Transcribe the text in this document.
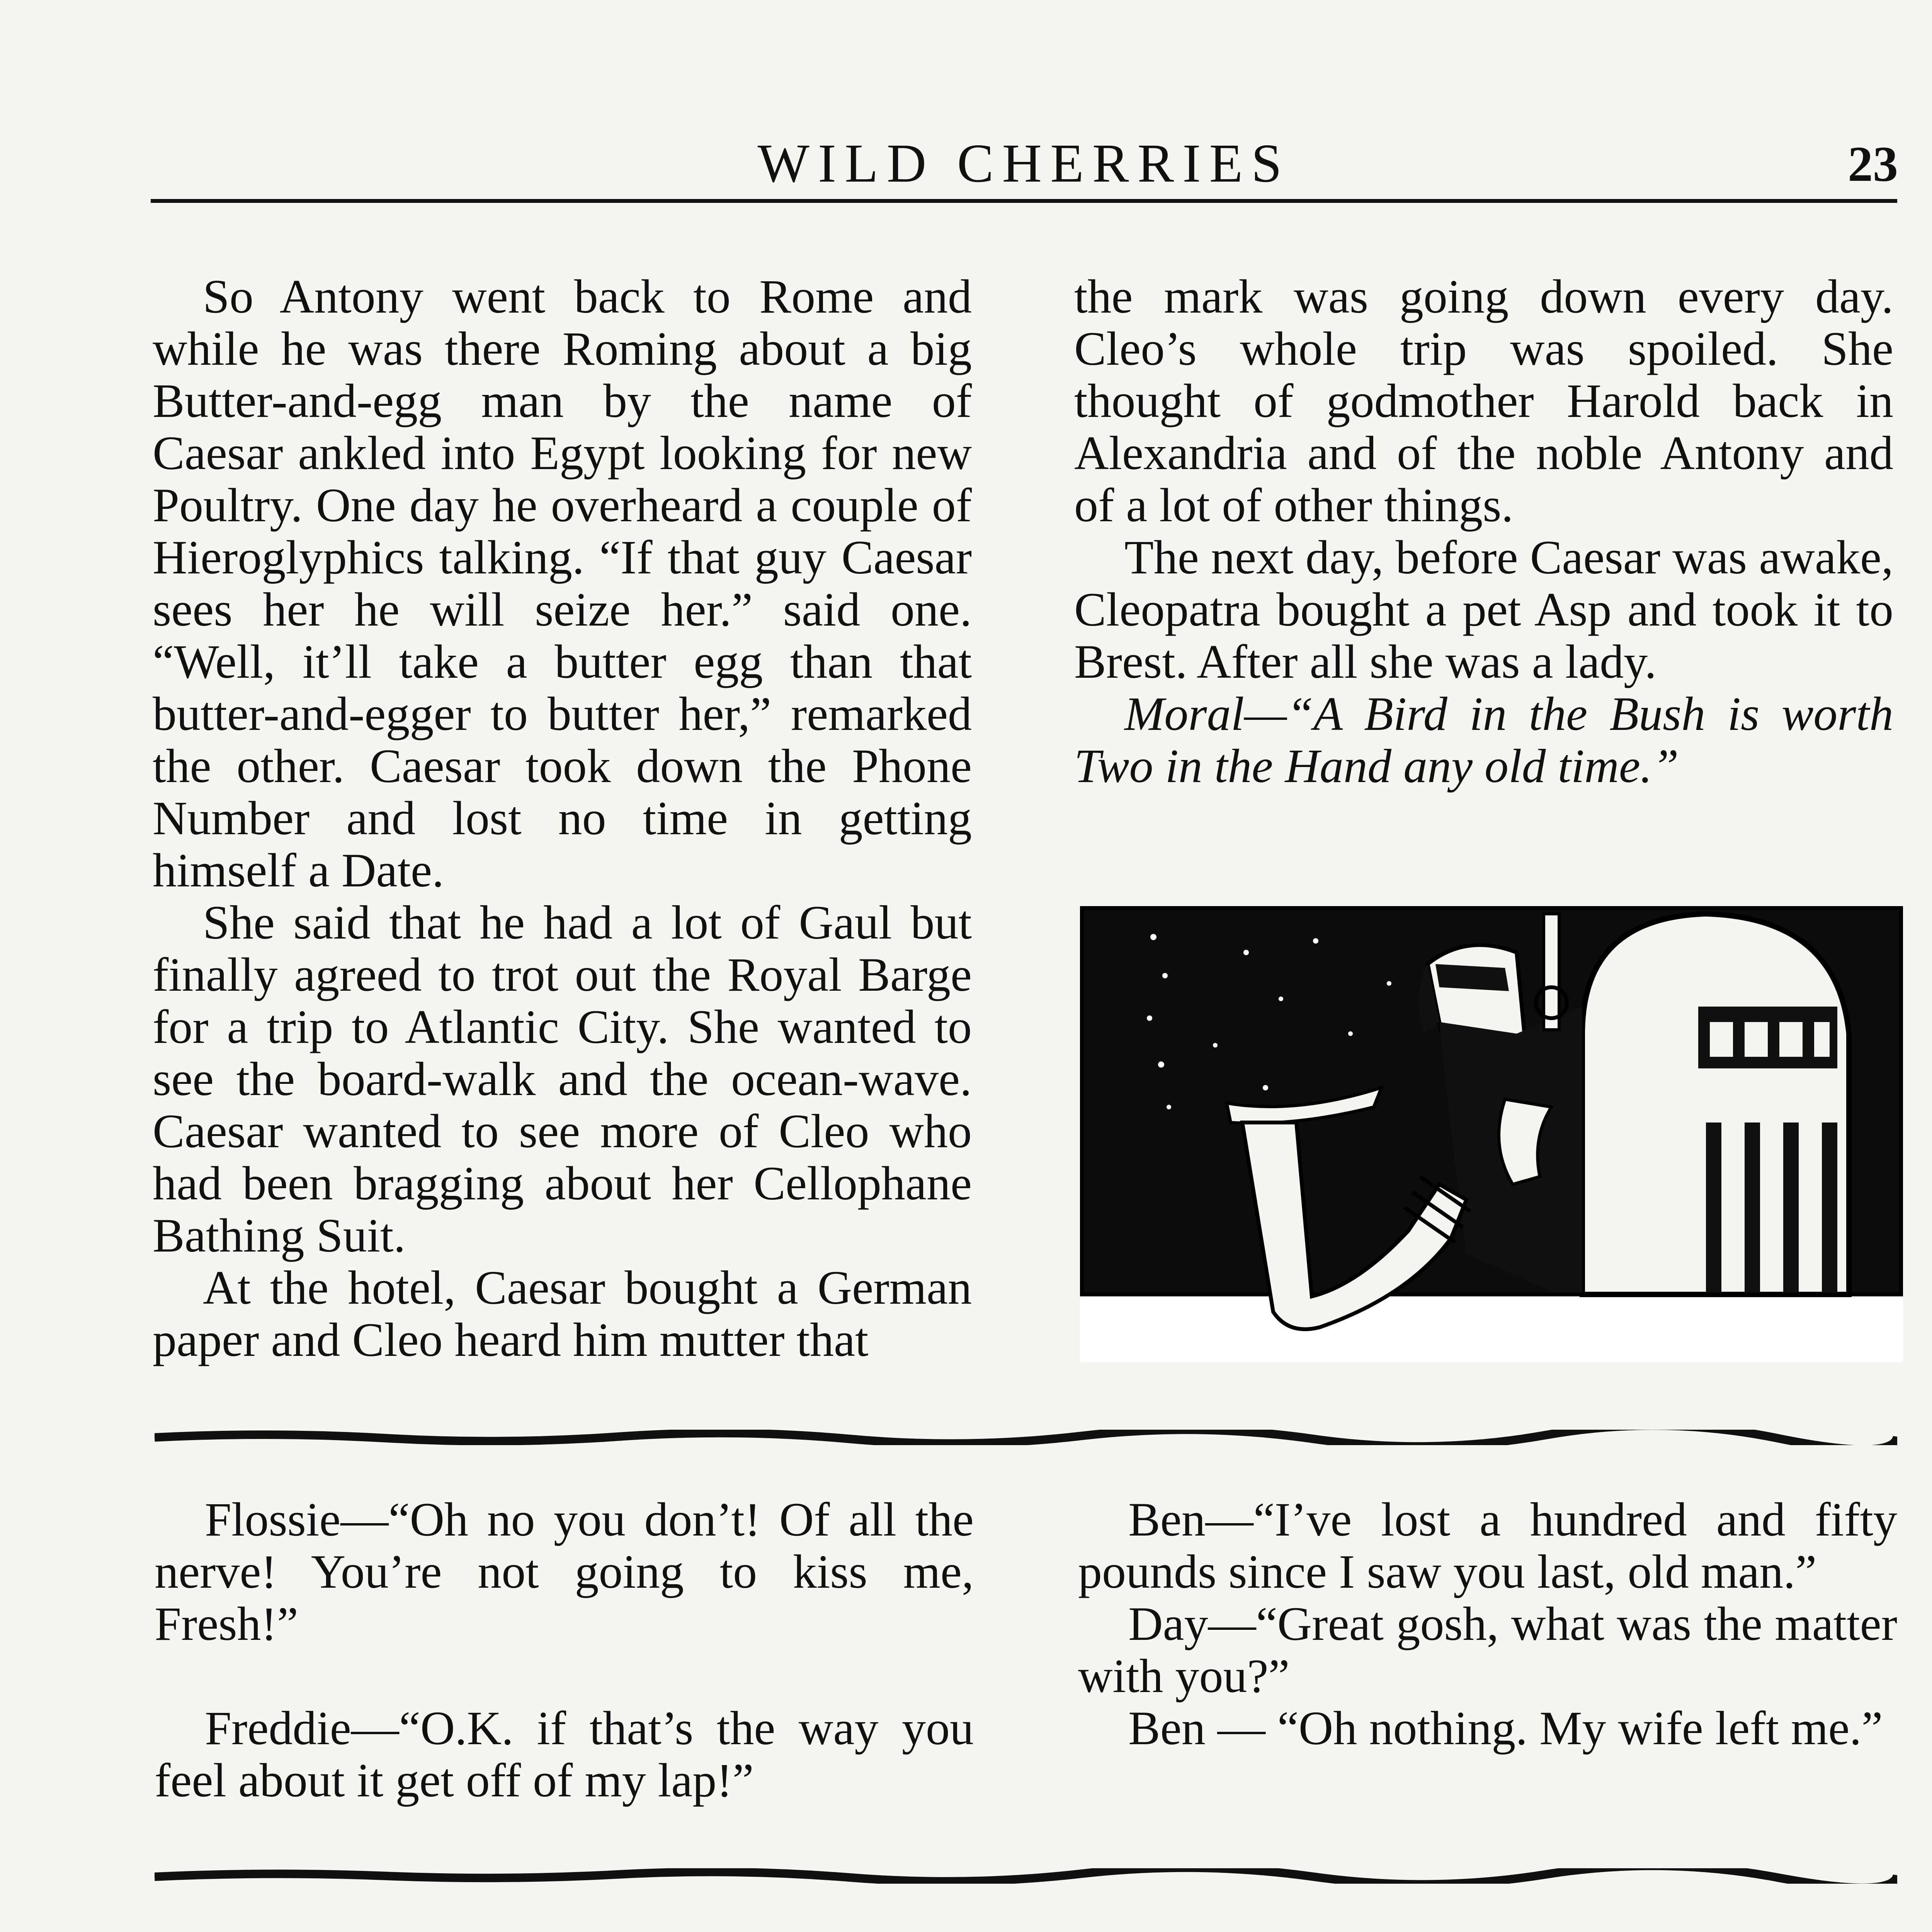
WILD CHERRIES	23

So Antony went back to Rome and while he was there Roming about a big Butter-and-egg man by the name of Caesar ankled into Egypt looking for new Poultry. One day he overheard a couple of Hieroglyphics talking. “If that guy Caesar sees her he will seize her.” said one. “Well, it’ll take a butter egg than that butter-and-egger to butter her,” remarked the other. Caesar took down the Phone Number and lost no time in getting himself a Date.

She said that he had a lot of Gaul but finally agreed to trot out the Royal Barge for a trip to Atlantic City. She wanted to see the board-walk and the ocean-wave. Caesar wanted to see more of Cleo who had been bragging about her Cellophane Bathing Suit.

At the hotel, Caesar bought a German paper and Cleo heard him mutter that

the mark was going down every day. Cleo’s whole trip was spoiled. She thought of godmother Harold back in Alexandria and of the noble Antony and of a lot of other things.

The next day, before Caesar was awake, Cleopatra bought a pet Asp and took it to Brest. After all she was a lady.

Moral—“A Bird in the Bush is worth Two in the Hand any old time.”

Flossie—“Oh no you don’t! Of all the nerve! You’re not going to kiss me, Fresh!”

Freddie—“O.K. if that’s the way you feel about it get off of my lap!”

Ben—“I’ve lost a hundred and fifty pounds since I saw you last, old man.”

Day—“Great gosh, what was the matter with you?”

Ben — “Oh nothing. My wife left me.”
